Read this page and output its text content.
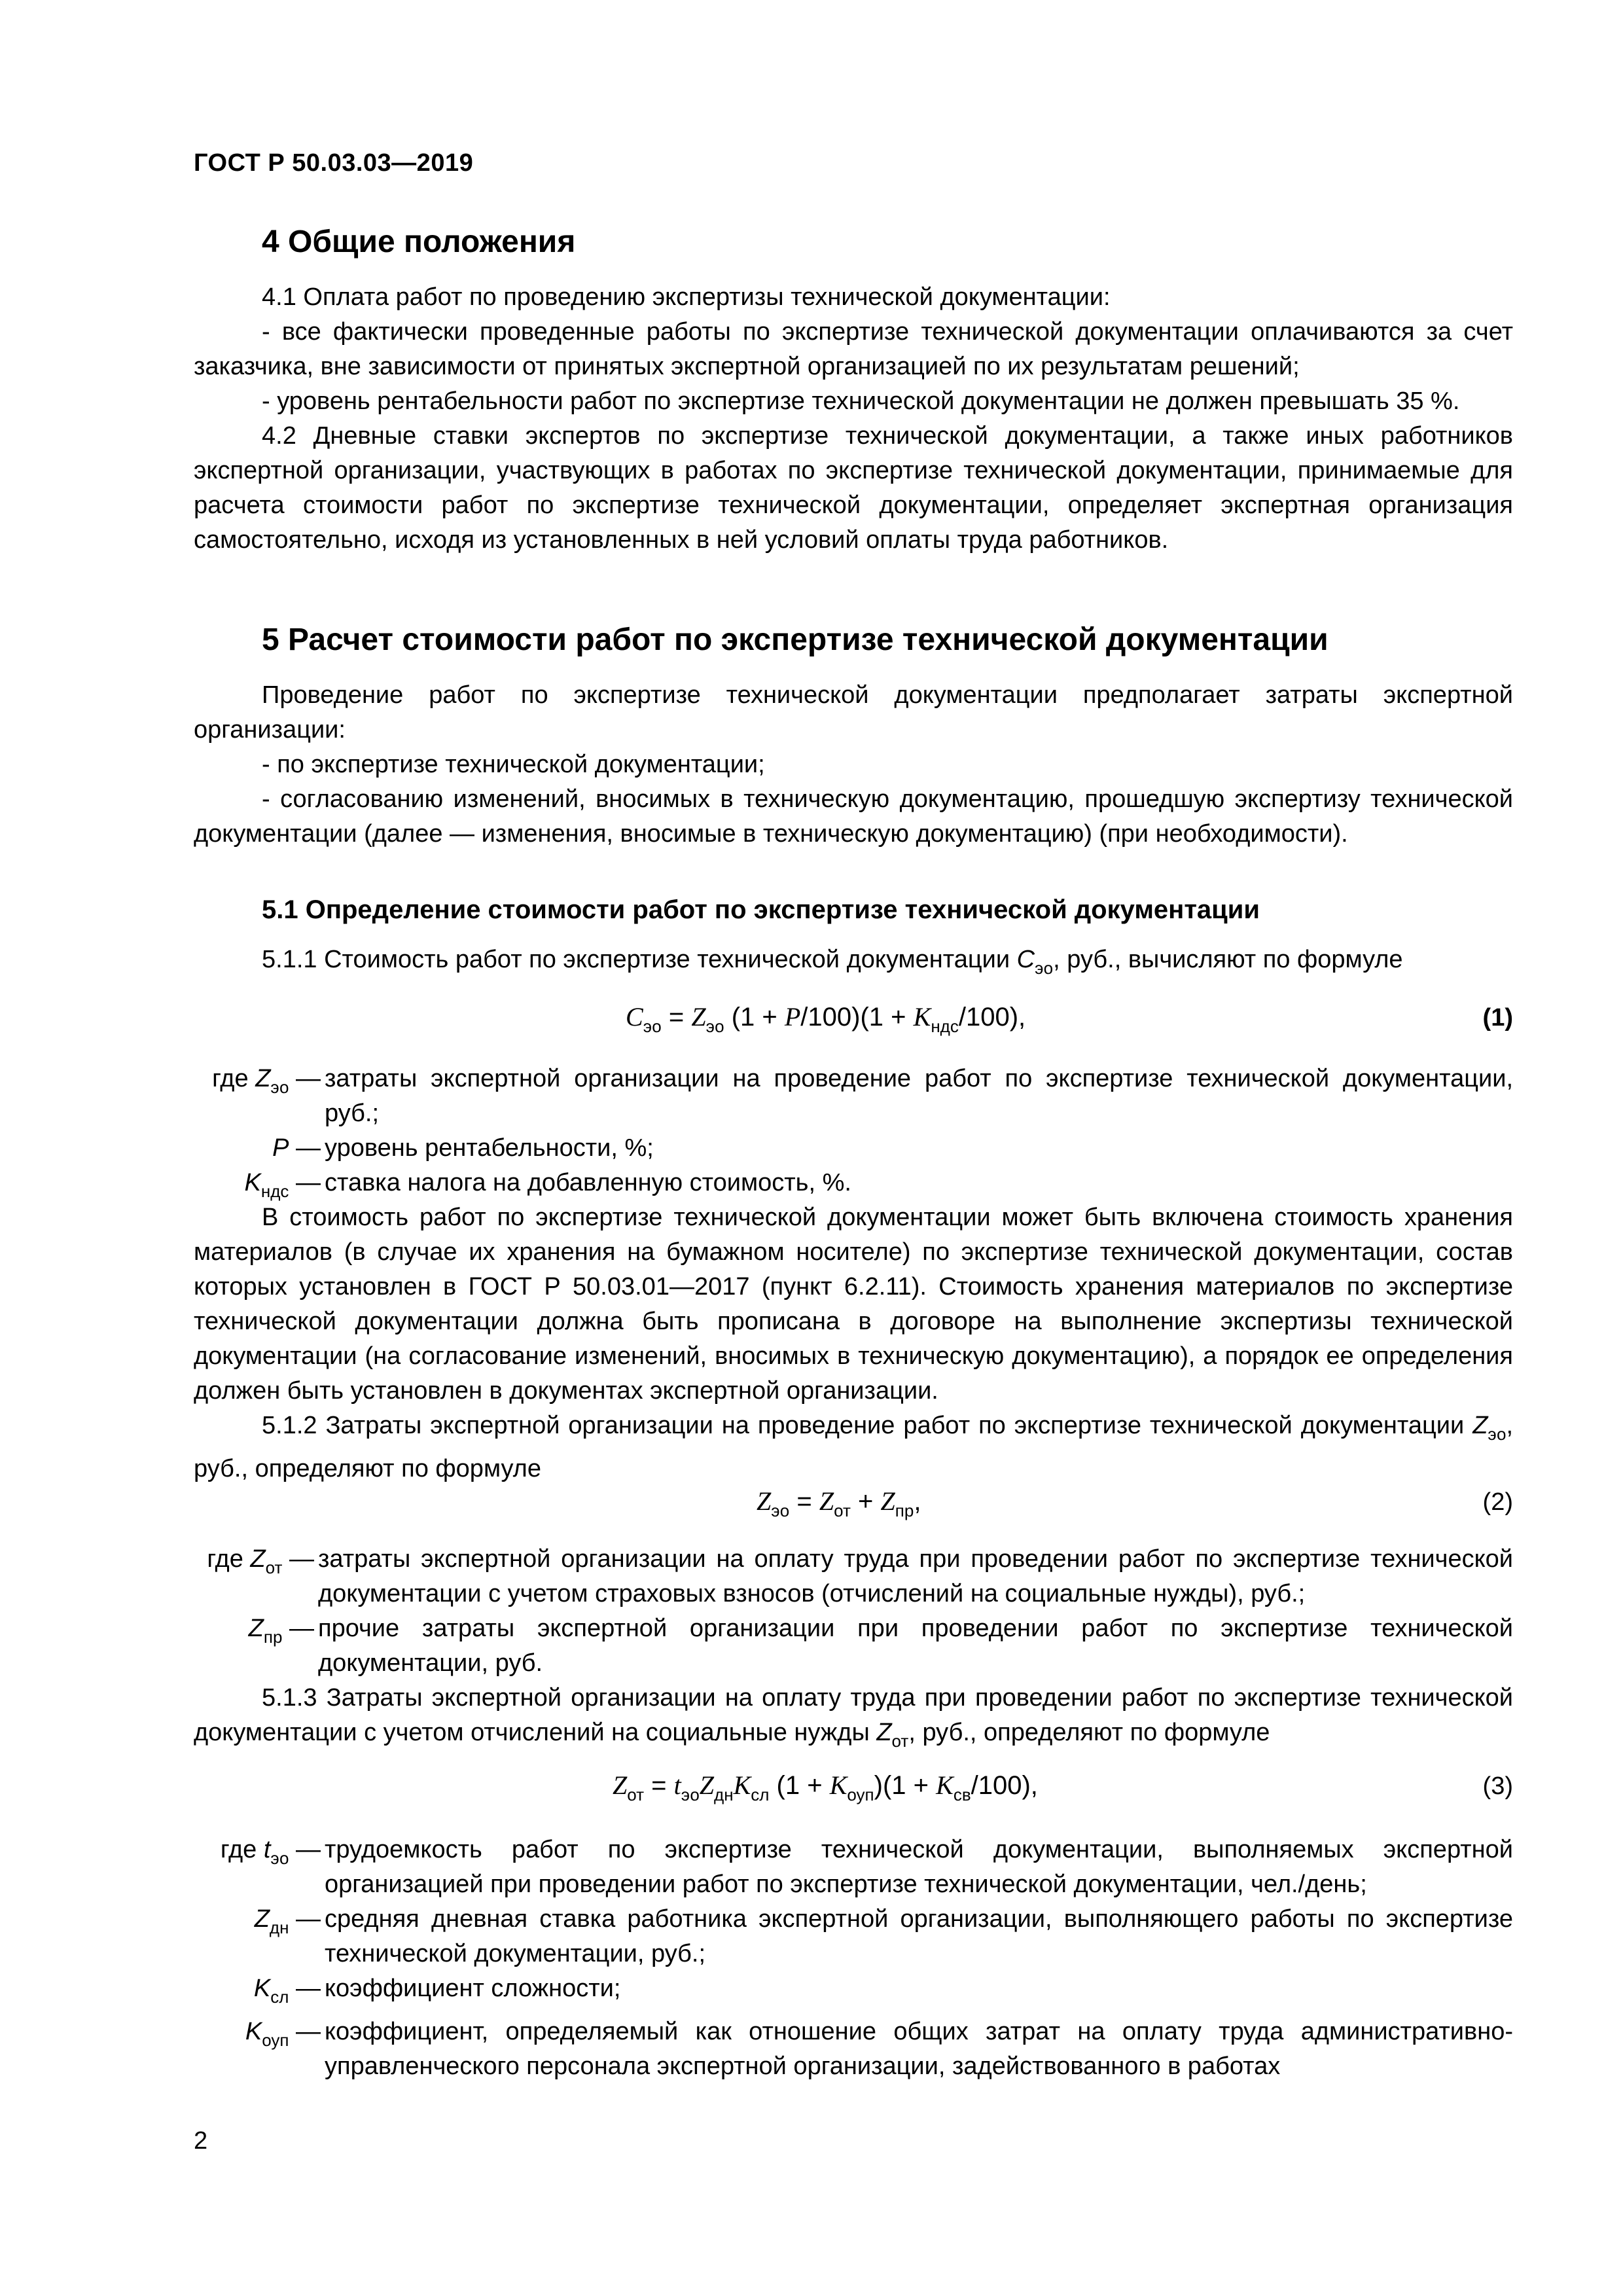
ГОСТ Р 50.03.03—2019
4 Общие положения

4.1 Оплата работ по проведению экспертизы технической документации:

- все фактически проведенные работы по экспертизе технической документации оплачиваются за счет заказчика, вне зависимости от принятых экспертной организацией по их результатам решений;

- уровень рентабельности работ по экспертизе технической документации не должен превышать 35 %.

4.2 Дневные ставки экспертов по экспертизе технической документации, а также иных работников экспертной организации, участвующих в работах по экспертизе технической документации, принимаемые для расчета стоимости работ по экспертизе технической документации, определяет экспертная организация самостоятельно, исходя из установленных в ней условий оплаты труда работников.

5 Расчет стоимости работ по экспертизе технической документации

Проведение работ по экспертизе технической документации предполагает затраты экспертной организации:

- по экспертизе технической документации;

- согласованию изменений, вносимых в техническую документацию, прошедшую экспертизу технической документации (далее — изменения, вносимые в техническую документацию) (при необходимости).

5.1 Определение стоимости работ по экспертизе технической документации

5.1.1 Стоимость работ по экспертизе технической документации $C_{эо}$, руб., вычисляют по формуле

$C_{эо} = Z_{эо}$ $(1 + P/100)(1 + K_{ндс}/100)$,	(1)
где $Z_{эо}$ — затраты экспертной организации на проведение работ по экспертизе технической документации, руб.;
P — уровень рентабельности, %;
$K_{ндс}$ — ставка налога на добавленную стоимость, %.

В стоимость работ по экспертизе технической документации может быть включена стоимость хранения материалов (в случае их хранения на бумажном носителе) по экспертизе технической документации, состав которых установлен в ГОСТ Р 50.03.01—2017 (пункт 6.2.11). Стоимость хранения материалов по экспертизе технической документации должна быть прописана в договоре на выполнение экспертизы технической документации (на согласование изменений, вносимых в техническую документацию), а порядок ее определения должен быть установлен в документах экспертной организации.

5.1.2 Затраты экспертной организации на проведение работ по экспертизе технической документации $Z_{эо}$, руб., определяют по формуле

$Z_{эо} = Z_{от} + Z_{пр}$,	(2)
где $Z_{от}$ — затраты экспертной организации на оплату труда при проведении работ по экспертизе технической документации с учетом страховых взносов (отчислений на социальные нужды), руб.;
$Z_{пр}$ — прочие затраты экспертной организации при проведении работ по экспертизе технической документации, руб.

5.1.3 Затраты экспертной организации на оплату труда при проведении работ по экспертизе технической документации с учетом отчислений на социальные нужды $Z_{от}$, руб., определяют по формуле

$Z_{от} = t_{эо}Z_{дн}K_{сл}$ $(1 + K_{оуп})(1 + K_{св}/100)$,	(3)
где $t_{эо}$ — трудоемкость работ по экспертизе технической документации, выполняемых экспертной организацией при проведении работ по экспертизе технической документации, чел./день;
$Z_{дн}$ — средняя дневная ставка работника экспертной организации, выполняющего работы по экспертизе технической документации, руб.;
$K_{сл}$ — коэффициент сложности;
$K_{оуп}$ — коэффициент, определяемый как отношение общих затрат на оплату труда административно-управленческого персонала экспертной организации, задействованного в работах
2
